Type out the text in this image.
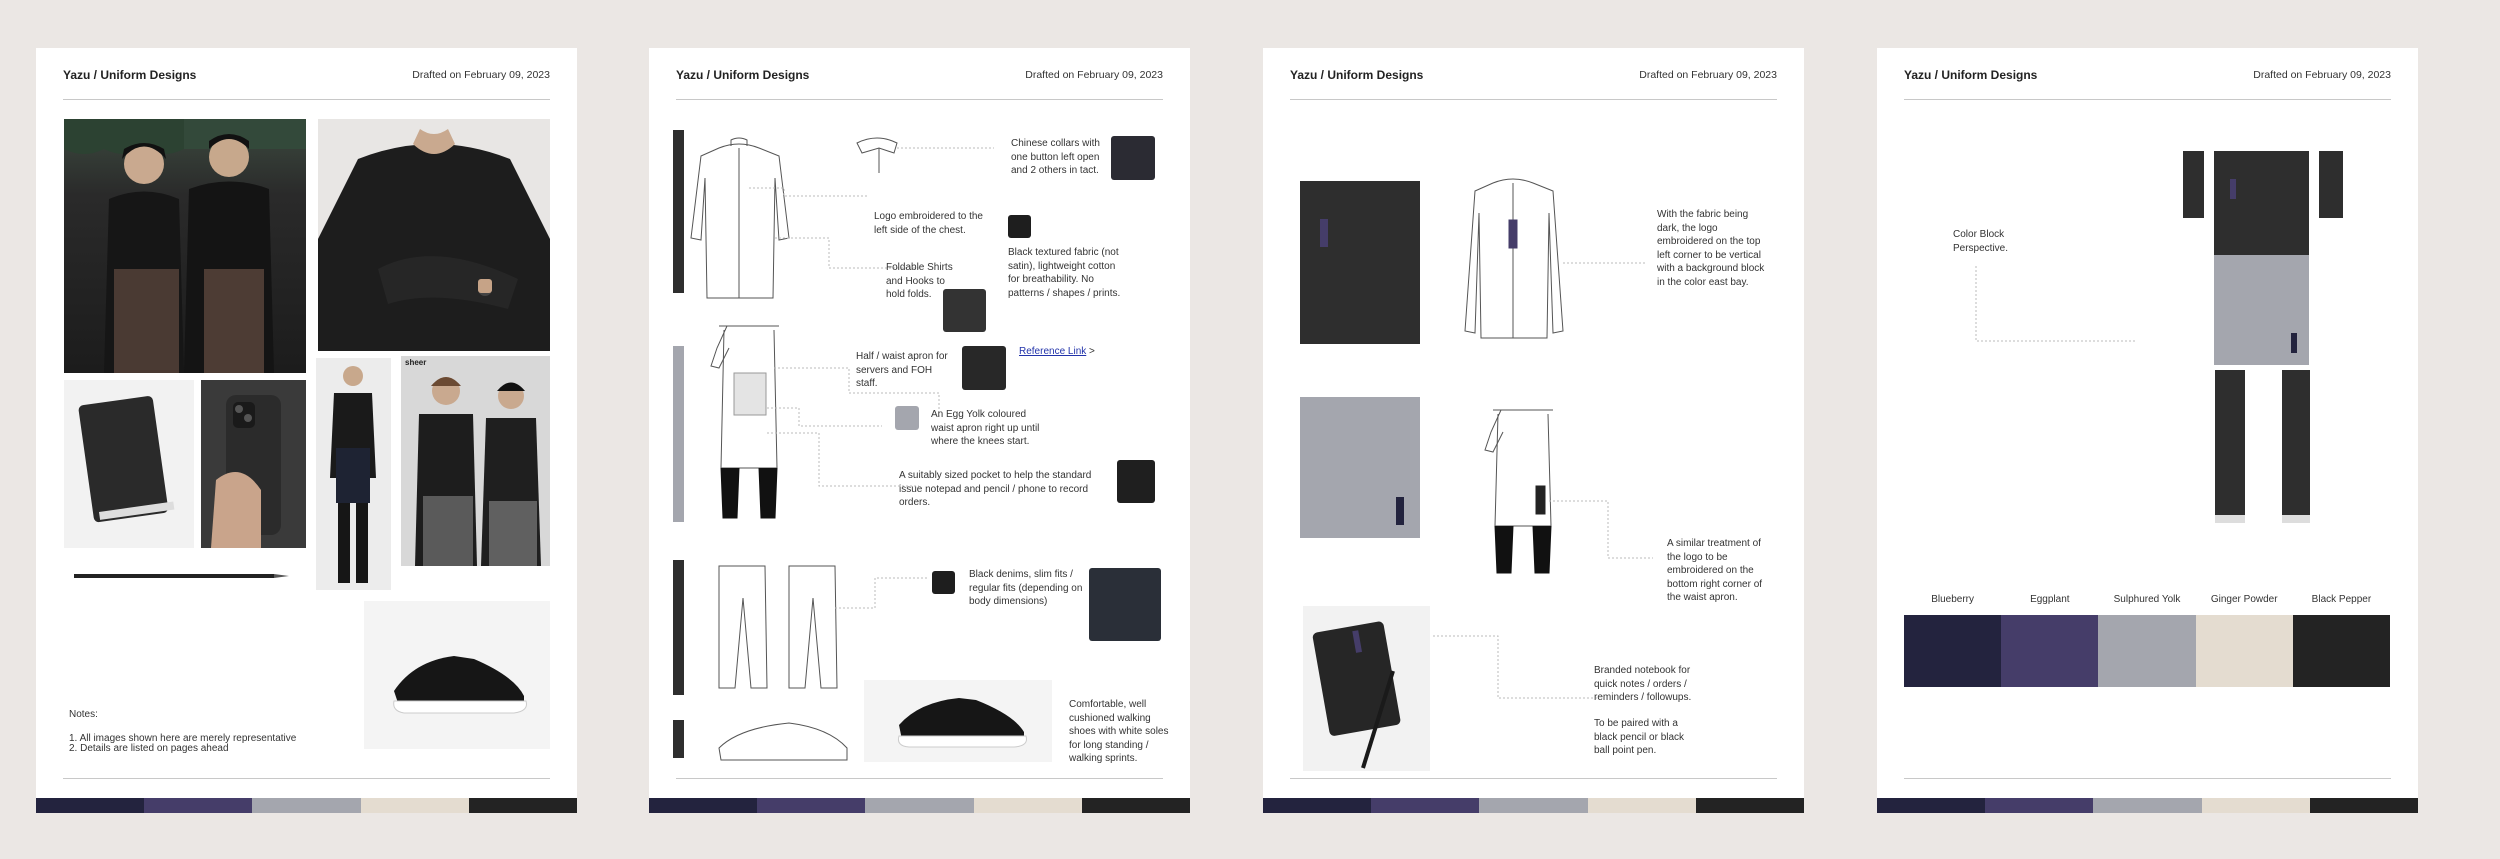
Yazu / Uniform Designs	Drafted on February 09, 2023
sheer
Notes:
1. All images shown here are merely representative
2. Details are listed on pages ahead
Yazu / Uniform Designs	Drafted on February 09, 2023
Chinese collars with one button left open and 2 others in tact.
Logo embroidered to the left side of the chest.
Black textured fabric (not satin), lightweight cotton for breathability. No patterns / shapes / prints.
Foldable Shirts and Hooks to hold folds.
Half / waist apron for servers and FOH staff.
Reference Link >
An Egg Yolk coloured waist apron right up until where the knees start.
A suitably sized pocket to help the standard issue notepad and pencil / phone to record orders.
Black denims, slim fits / regular fits (depending on body dimensions)
Comfortable, well cushioned walking shoes with white soles for long standing / walking sprints.
Yazu / Uniform Designs	Drafted on February 09, 2023
With the fabric being dark, the logo embroidered on the top left corner to be vertical with a background block in the color east bay.
A similar treatment of the logo to be embroidered on the bottom right corner of the waist apron.
Branded notebook for quick notes / orders / reminders / followups.
To be paired with a black pencil or black ball point pen.
Yazu / Uniform Designs	Drafted on February 09, 2023
Color Block Perspective.
Blueberry	Eggplant	Sulphured Yolk	Ginger Powder	Black Pepper
